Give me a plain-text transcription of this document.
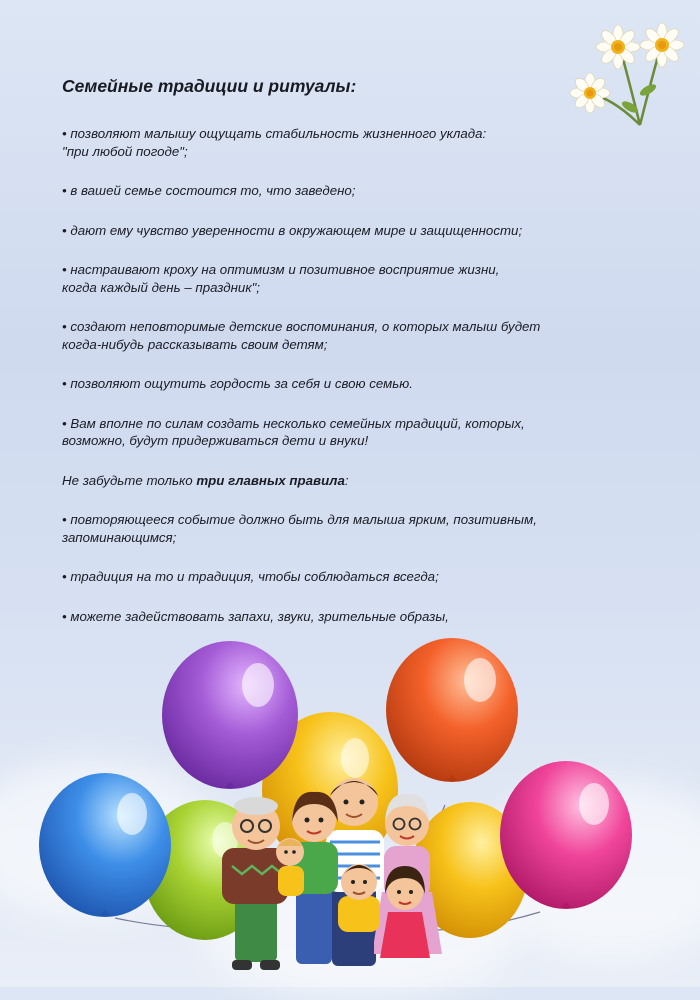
Семейные традиции и ритуалы:
• позволяют малышу ощущать стабильность жизненного уклада:
"при любой погоде";
• в вашей семье состоится то, что заведено;
• дают ему чувство уверенности в окружающем мире и защищенности;
• настраивают кроху на оптимизм и позитивное восприятие жизни,
когда каждый день – праздник";
• создают неповторимые детские воспоминания, о которых малыш будет
когда-нибудь рассказывать своим детям;
• позволяют ощутить гордость за себя и свою семью.
• Вам вполне по силам создать несколько семейных традиций, которых,
возможно, будут придерживаться дети и внуки!
Не забудьте только три главных правила:
• повторяющееся событие должно быть для малыша ярким, позитивным,
запоминающимся;
• традиция на то и традиция, чтобы соблюдаться всегда;
• можете задействовать запахи, звуки, зрительные образы,
